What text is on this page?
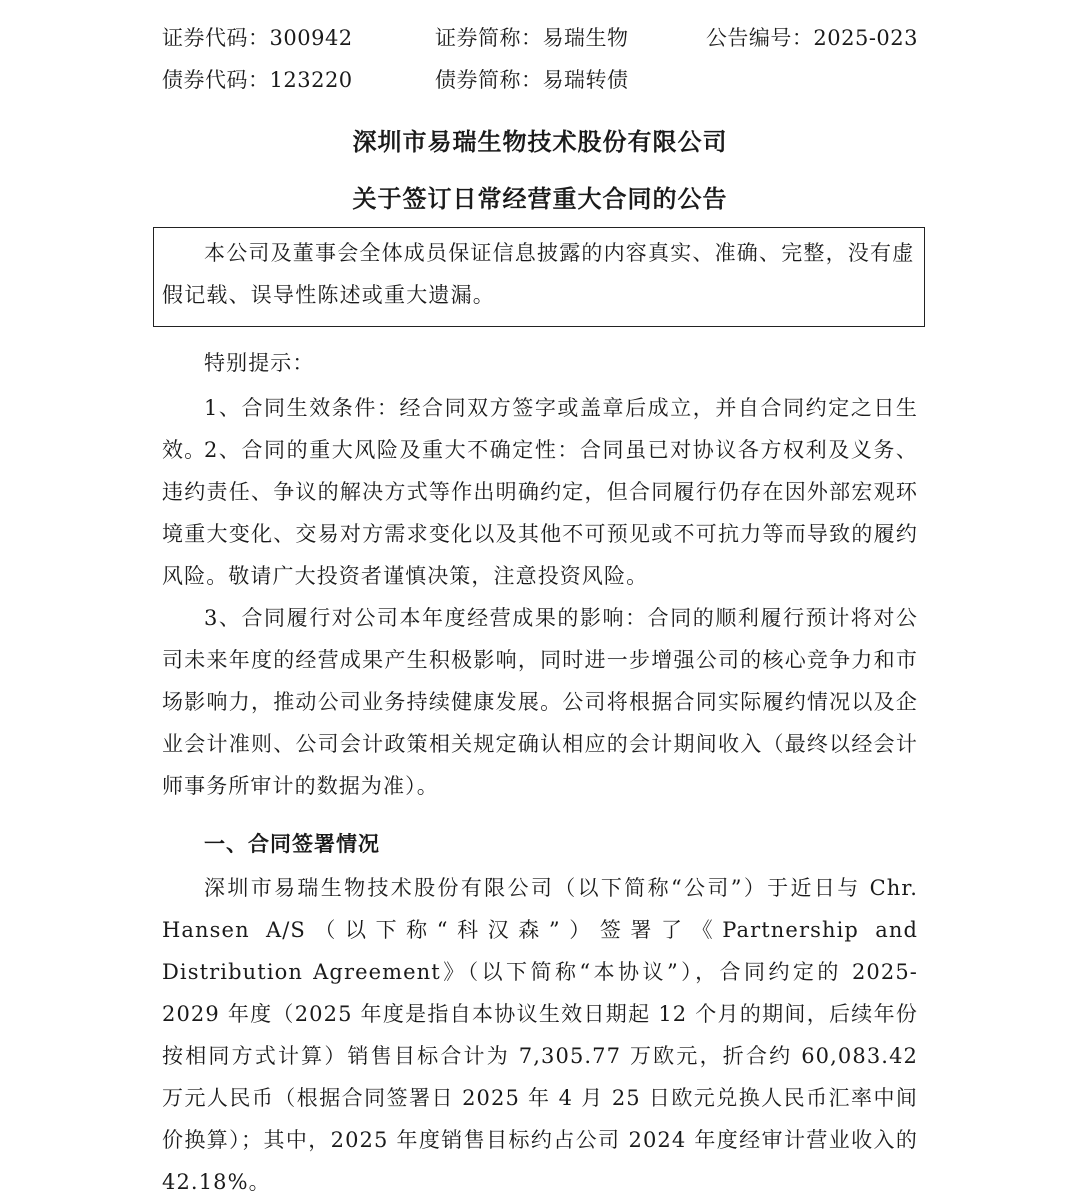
证券代码：300942	证券简称：易瑞生物	公告编号：2025-023
债券代码：123220	债券简称：易瑞转债
深圳市易瑞生物技术股份有限公司
关于签订日常经营重大合同的公告

本公司及董事会全体成员保证信息披露的内容真实、准确、完整，没有虚假记载、误导性陈述或重大遗漏。

特别提示：

1、合同生效条件：经合同双方签字或盖章后成立，并自合同约定之日生效。

2、合同的重大风险及重大不确定性：合同虽已对协议各方权利及义务、违约责任、争议的解决方式等作出明确约定，但合同履行仍存在因外部宏观环境重大变化、交易对方需求变化以及其他不可预见或不可抗力等而导致的履约风险。敬请广大投资者谨慎决策，注意投资风险。

3、合同履行对公司本年度经营成果的影响：合同的顺利履行预计将对公司未来年度的经营成果产生积极影响，同时进一步增强公司的核心竞争力和市场影响力，推动公司业务持续健康发展。公司将根据合同实际履约情况以及企业会计准则、公司会计政策相关规定确认相应的会计期间收入（最终以经会计师事务所审计的数据为准）。

一、合同签署情况

深圳市易瑞生物技术股份有限公司（以下简称“公司”）于近日与 Chr. Hansen A/S（以下称“科汉森”）签署了《Partnership and Distribution Agreement》（以下简称“本协议”），合同约定的 2025-2029 年度（2025 年度是指自本协议生效日期起 12 个月的期间，后续年份按相同方式计算）销售目标合计为 7,305.77 万欧元，折合约 60,083.42 万元人民币（根据合同签署日 2025 年 4 月 25 日欧元兑换人民币汇率中间价换算）；其中，2025 年度销售目标约占公司 2024 年度经审计营业收入的 42.18%。
